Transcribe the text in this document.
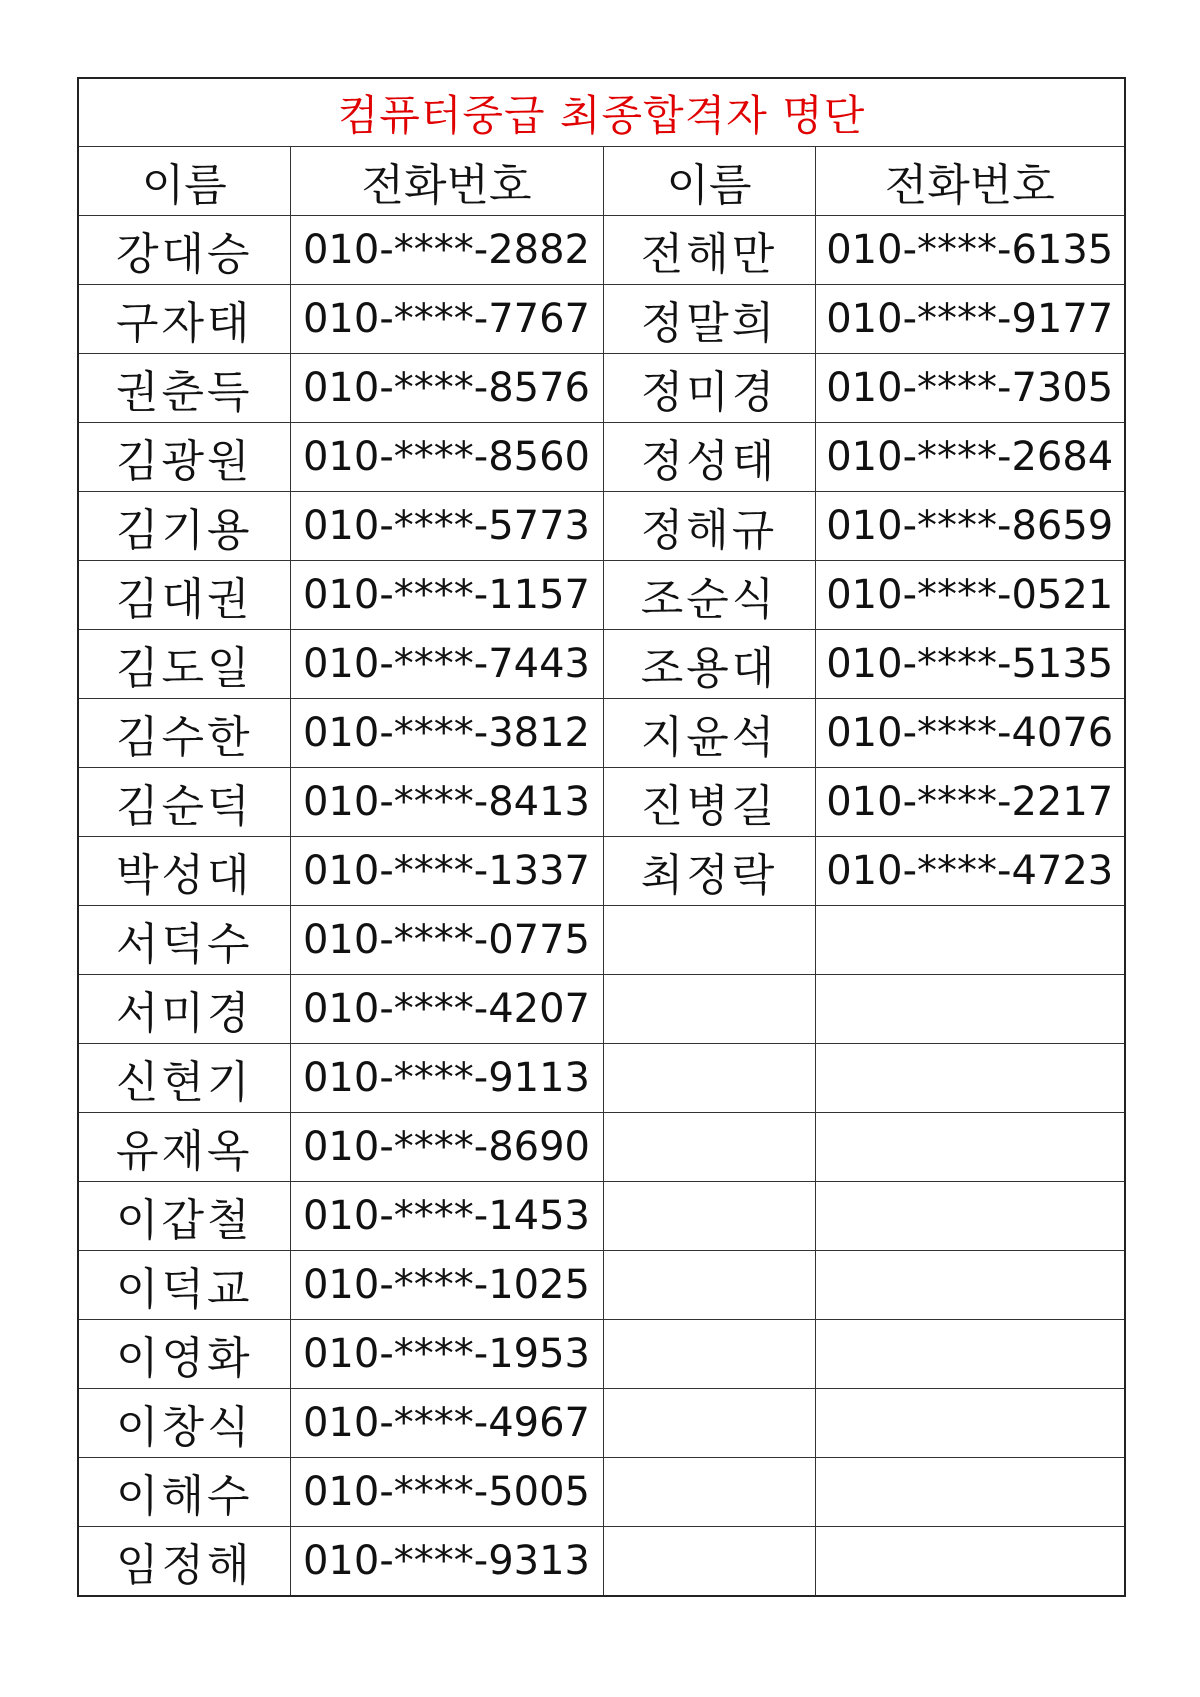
컴퓨터중급 최종합격자 명단			
이름	전화번호	이름	전화번호
강대승	010-****-2882	전해만	010-****-6135
구자태	010-****-7767	정말희	010-****-9177
권춘득	010-****-8576	정미경	010-****-7305
김광원	010-****-8560	정성태	010-****-2684
김기용	010-****-5773	정해규	010-****-8659
김대권	010-****-1157	조순식	010-****-0521
김도일	010-****-7443	조용대	010-****-5135
김수한	010-****-3812	지윤석	010-****-4076
김순덕	010-****-8413	진병길	010-****-2217
박성대	010-****-1337	최정락	010-****-4723
서덕수	010-****-0775		
서미경	010-****-4207		
신현기	010-****-9113		
유재옥	010-****-8690		
이갑철	010-****-1453		
이덕교	010-****-1025		
이영화	010-****-1953		
이창식	010-****-4967		
이해수	010-****-5005		
임정해	010-****-9313		
